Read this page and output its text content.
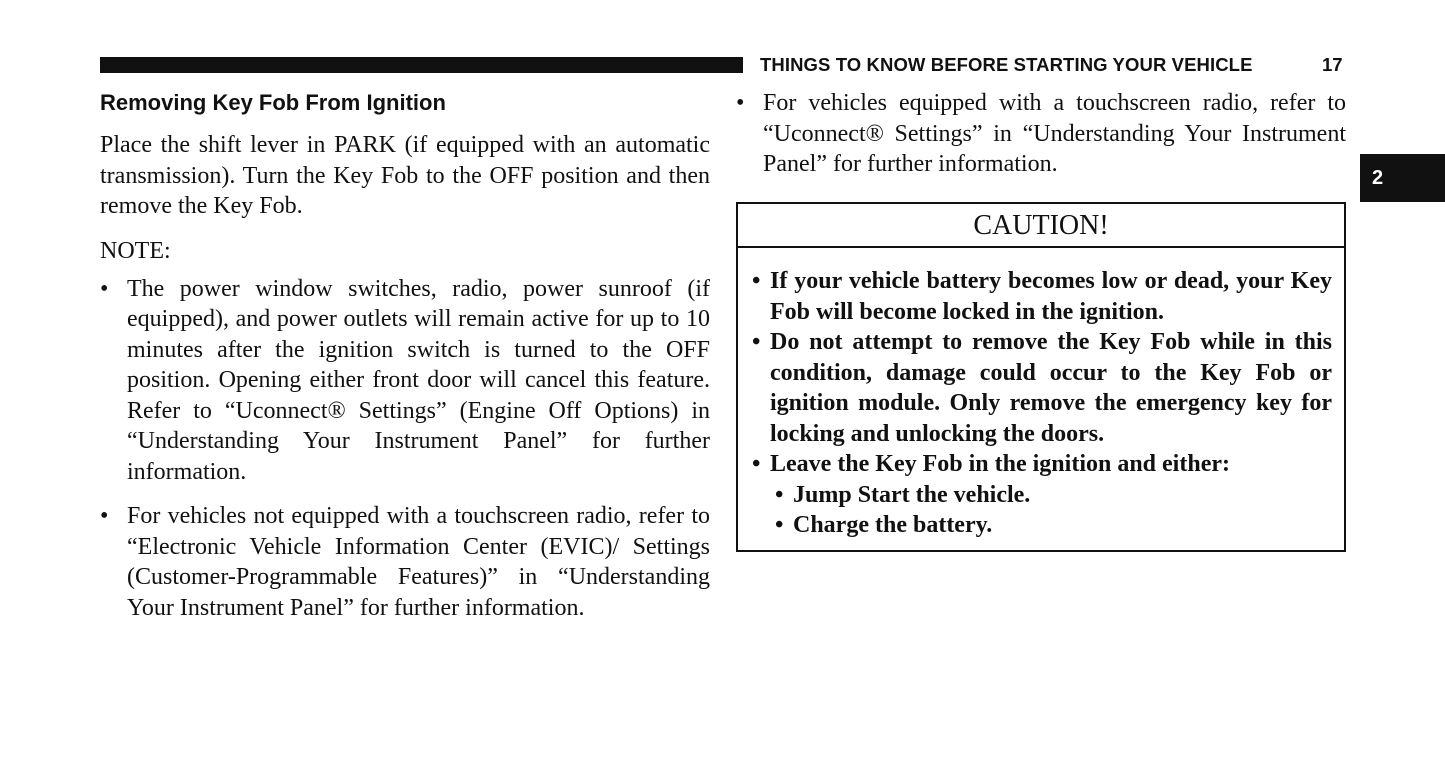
THINGS TO KNOW BEFORE STARTING YOUR VEHICLE	17
2
Removing Key Fob From Ignition

Place the shift lever in PARK (if equipped with an automatic transmission). Turn the Key Fob to the OFF position and then remove the Key Fob.

NOTE:
• The power window switches, radio, power sunroof (if equipped), and power outlets will remain active for up to 10 minutes after the ignition switch is turned to the OFF position. Opening either front door will cancel this feature. Refer to “Uconnect® Settings” (Engine Off Options) in “Understanding Your Instrument Panel” for further information.
• For vehicles not equipped with a touchscreen radio, refer to “Electronic Vehicle Information Center (EVIC)/ Settings (Customer-Programmable Features)” in “Understanding Your Instrument Panel” for further information.
• For vehicles equipped with a touchscreen radio, refer to “Uconnect® Settings” in “Understanding Your Instrument Panel” for further information.
CAUTION!
• If your vehicle battery becomes low or dead, your Key Fob will become locked in the ignition.
• Do not attempt to remove the Key Fob while in this condition, damage could occur to the Key Fob or ignition module. Only remove the emergency key for locking and unlocking the doors.
• Leave the Key Fob in the ignition and either:
• Jump Start the vehicle.
• Charge the battery.
